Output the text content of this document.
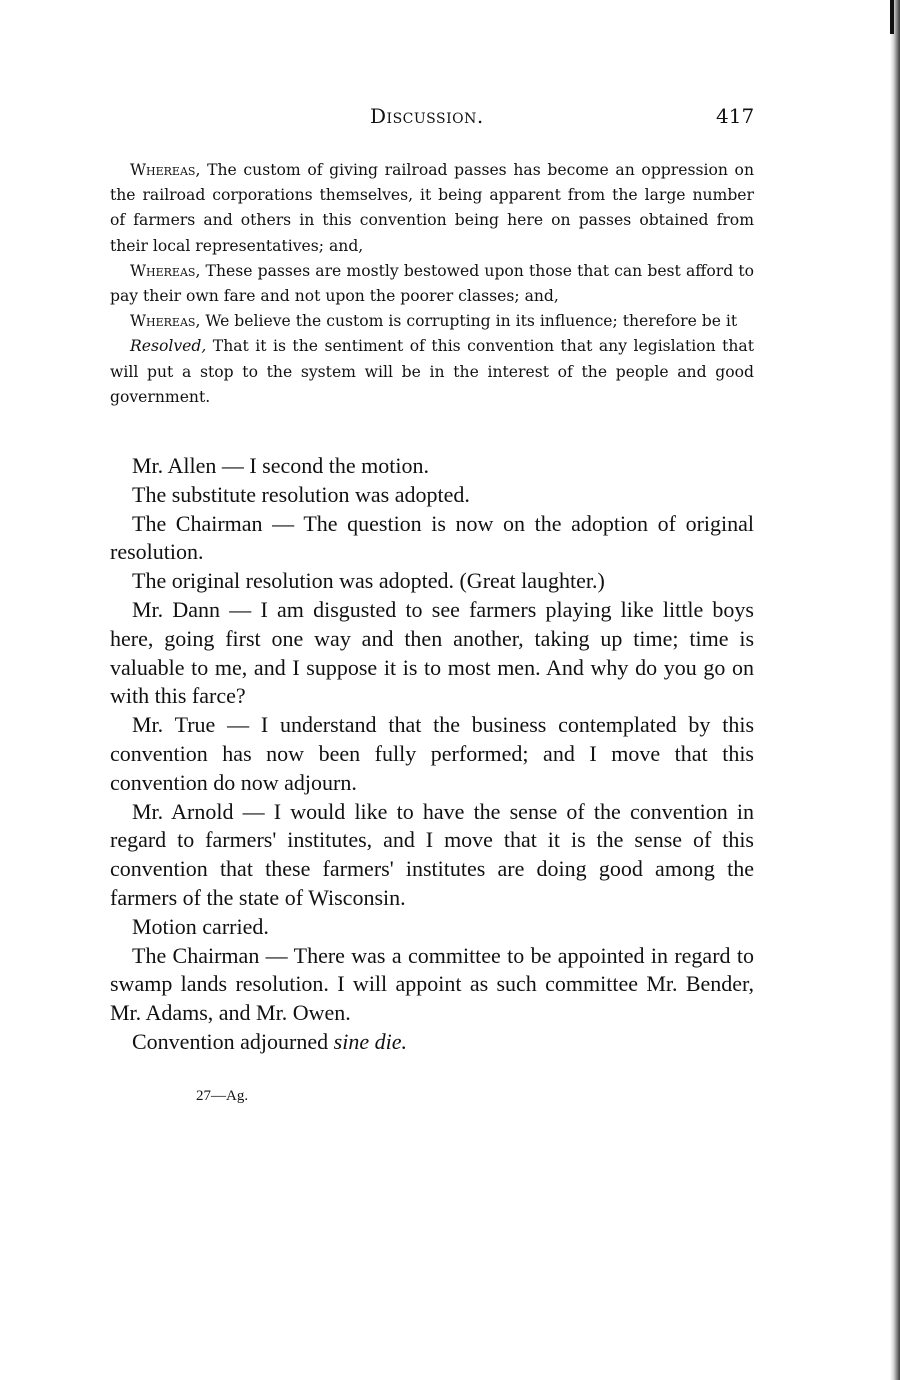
Discussion.	417

Whereas, The custom of giving railroad passes has become an oppression on the railroad corporations themselves, it being apparent from the large number of farmers and others in this convention being here on passes obtained from their local representatives; and,

Whereas, These passes are mostly bestowed upon those that can best afford to pay their own fare and not upon the poorer classes; and,

Whereas, We believe the custom is corrupting in its influence; therefore be it

Resolved, That it is the sentiment of this convention that any legislation that will put a stop to the system will be in the interest of the people and good government.

Mr. Allen — I second the motion.

The substitute resolution was adopted.

The Chairman — The question is now on the adoption of original resolution.

The original resolution was adopted. (Great laughter.)

Mr. Dann — I am disgusted to see farmers playing like little boys here, going first one way and then another, taking up time; time is valuable to me, and I suppose it is to most men. And why do you go on with this farce?

Mr. True — I understand that the business contemplated by this convention has now been fully performed; and I move that this convention do now adjourn.

Mr. Arnold — I would like to have the sense of the convention in regard to farmers' institutes, and I move that it is the sense of this convention that these farmers' institutes are doing good among the farmers of the state of Wisconsin.

Motion carried.

The Chairman — There was a committee to be appointed in regard to swamp lands resolution. I will appoint as such committee Mr. Bender, Mr. Adams, and Mr. Owen.

Convention adjourned sine die.

27—Ag.
